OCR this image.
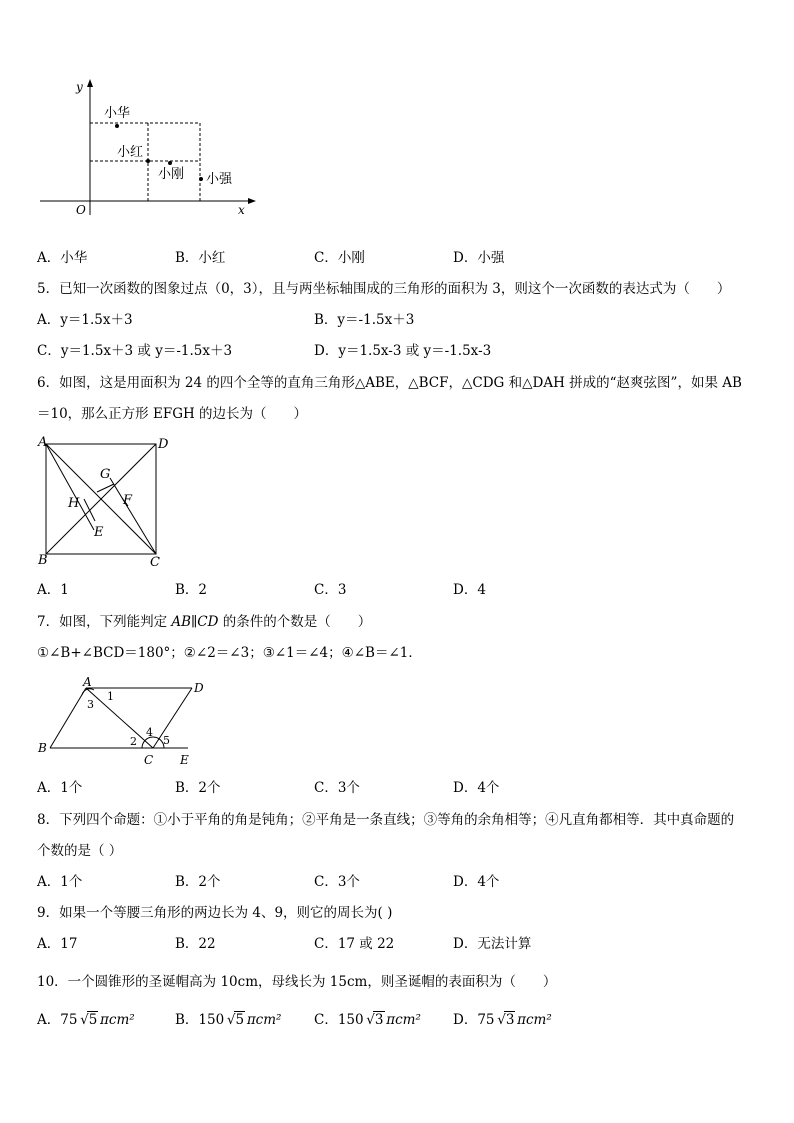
y
x
O
小华
小红
小刚 小强
A．小华	B．小红	C．小刚	D．小强
5．已知一次函数的图象过点（0，3），且与两坐标轴围成的三角形的面积为 3，则这个一次函数的表达式为（　　）
A．y＝1.5x＋3	B．y＝-1.5x＋3
C．y＝1.5x＋3 或 y＝-1.5x＋3	D．y＝1.5x-3 或 y＝-1.5x-3
6．如图，这是用面积为 24 的四个全等的直角三角形△ABE，△BCF，△CDG 和△DAH 拼成的“赵爽弦图”，如果 AB
＝10，那么正方形 EFGH 的边长为（　　）
A	D
B	C
G
H	F
E
A．1	B．2	C．3	D．4
7．如图，下列能判定 AB∥CD 的条件的个数是（　　）
①∠B+∠BCD＝180°；②∠2＝∠3；③∠1＝∠4；④∠B＝∠1．
A	D
B
C E
1
2
3
4
5
A．1个	B．2个	C．3个	D．4个
8．下列四个命题：①小于平角的角是钝角；②平角是一条直线；③等角的余角相等；④凡直角都相等．其中真命题的
个数的是（ ）
A．1个	B．2个	C．3个	D．4个
9．如果一个等腰三角形的两边长为 4、9，则它的周长为( )
A．17	B．22	C．17 或 22	D．无法计算
10．一个圆锥形的圣诞帽高为 10cm，母线长为 15cm，则圣诞帽的表面积为（　　）
A．75 √5  πcm²	B．150 √5  πcm² C．150 √3  πcm² D．75 √3  πcm²
